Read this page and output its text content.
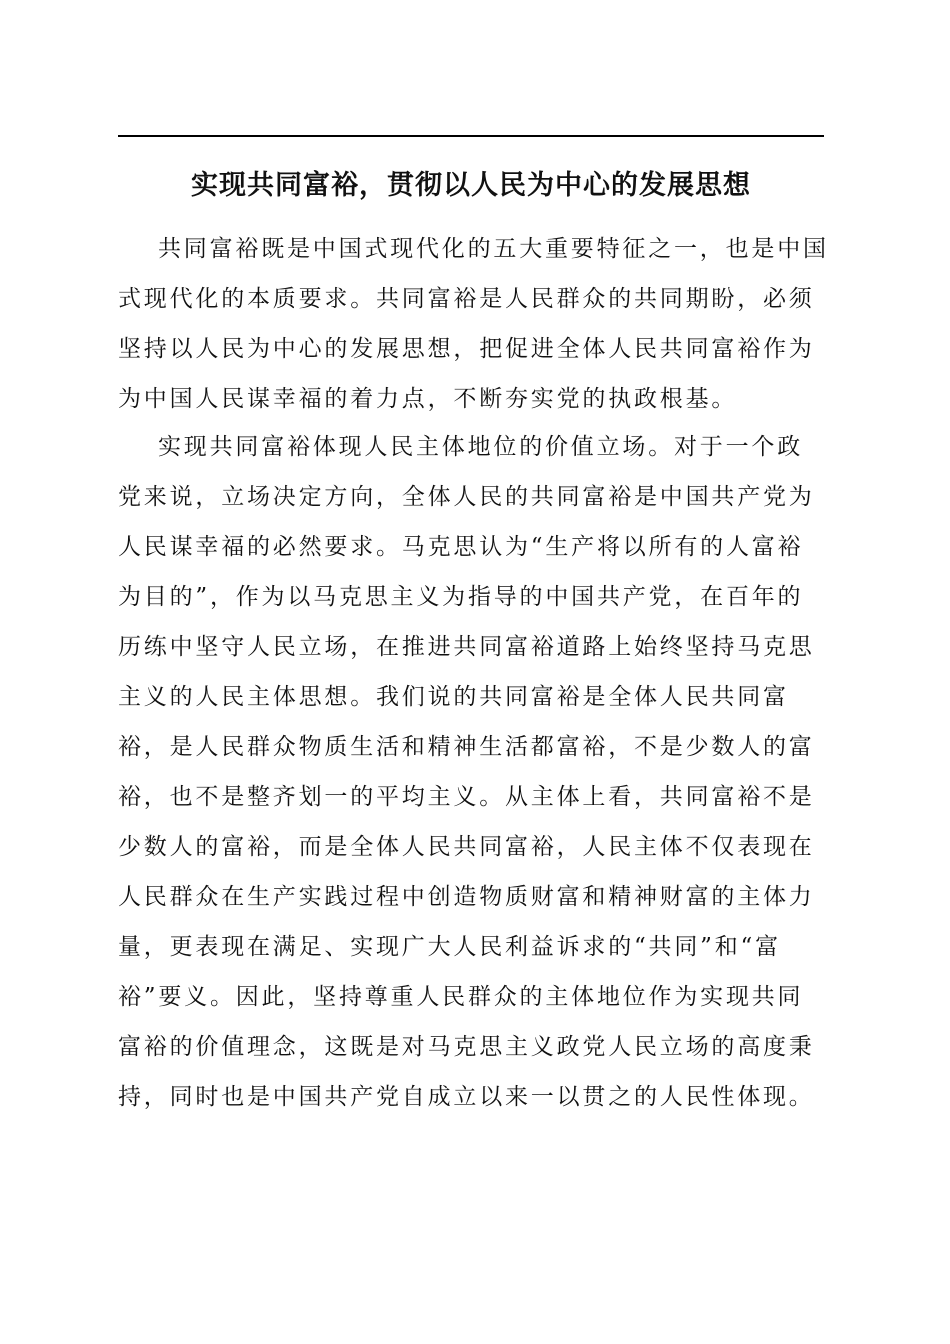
实现共同富裕，贯彻以人民为中心的发展思想
共同富裕既是中国式现代化的五大重要特征之一，也是中国
式现代化的本质要求。共同富裕是人民群众的共同期盼，必须
坚持以人民为中心的发展思想，把促进全体人民共同富裕作为
为中国人民谋幸福的着力点，不断夯实党的执政根基。
实现共同富裕体现人民主体地位的价值立场。对于一个政
党来说，立场决定方向，全体人民的共同富裕是中国共产党为
人民谋幸福的必然要求。马克思认为“生产将以所有的人富裕
为目的”，作为以马克思主义为指导的中国共产党，在百年的
历练中坚守人民立场，在推进共同富裕道路上始终坚持马克思
主义的人民主体思想。我们说的共同富裕是全体人民共同富
裕，是人民群众物质生活和精神生活都富裕，不是少数人的富
裕，也不是整齐划一的平均主义。从主体上看，共同富裕不是
少数人的富裕，而是全体人民共同富裕，人民主体不仅表现在
人民群众在生产实践过程中创造物质财富和精神财富的主体力
量，更表现在满足、实现广大人民利益诉求的“共同”和“富
裕”要义。因此，坚持尊重人民群众的主体地位作为实现共同
富裕的价值理念，这既是对马克思主义政党人民立场的高度秉
持，同时也是中国共产党自成立以来一以贯之的人民性体现。
